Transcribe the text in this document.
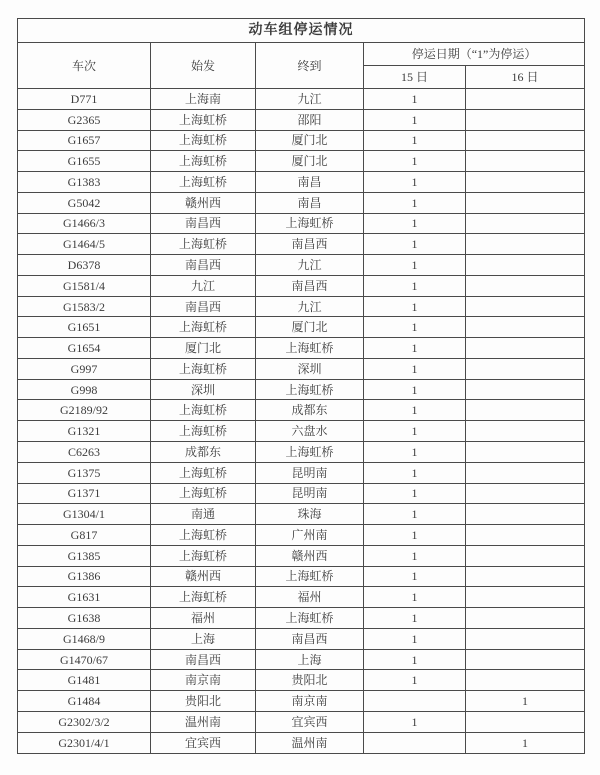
动车组停运情况				
车次	始发	终到	停运日期（“1”为停运）	
			15 日	16 日
D771	上海南	九江	1	
G2365	上海虹桥	邵阳	1	
G1657	上海虹桥	厦门北	1	
G1655	上海虹桥	厦门北	1	
G1383	上海虹桥	南昌	1	
G5042	赣州西	南昌	1	
G1466/3	南昌西	上海虹桥	1	
G1464/5	上海虹桥	南昌西	1	
D6378	南昌西	九江	1	
G1581/4	九江	南昌西	1	
G1583/2	南昌西	九江	1	
G1651	上海虹桥	厦门北	1	
G1654	厦门北	上海虹桥	1	
G997	上海虹桥	深圳	1	
G998	深圳	上海虹桥	1	
G2189/92	上海虹桥	成都东	1	
G1321	上海虹桥	六盘水	1	
C6263	成都东	上海虹桥	1	
G1375	上海虹桥	昆明南	1	
G1371	上海虹桥	昆明南	1	
G1304/1	南通	珠海	1	
G817	上海虹桥	广州南	1	
G1385	上海虹桥	赣州西	1	
G1386	赣州西	上海虹桥	1	
G1631	上海虹桥	福州	1	
G1638	福州	上海虹桥	1	
G1468/9	上海	南昌西	1	
G1470/67	南昌西	上海	1	
G1481	南京南	贵阳北	1	
G1484	贵阳北	南京南		1
G2302/3/2	温州南	宜宾西	1	
G2301/4/1	宜宾西	温州南		1
